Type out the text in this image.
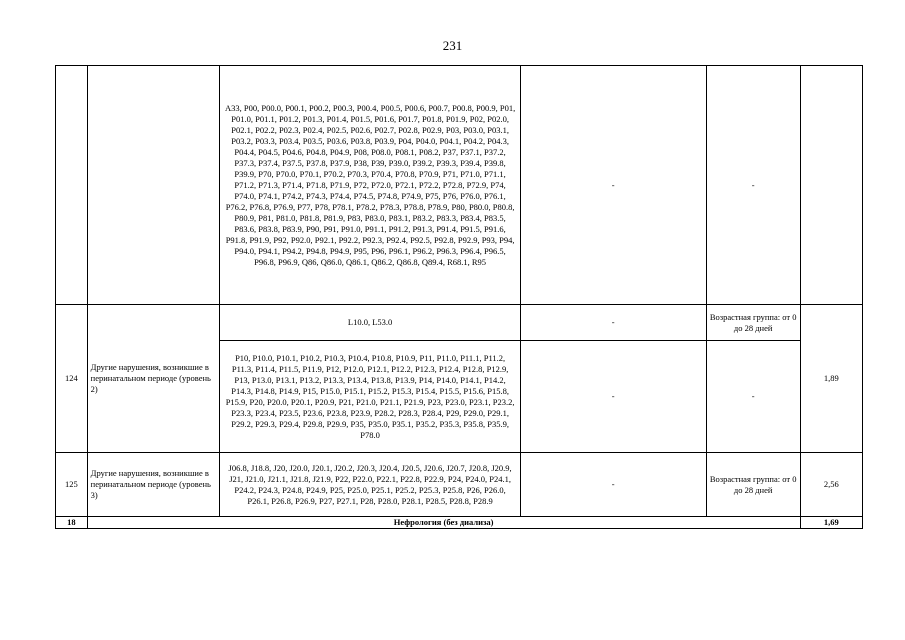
231
		A33, P00, P00.0, P00.1, P00.2, P00.3, P00.4, P00.5, P00.6, P00.7, P00.8, P00.9, P01, P01.0, P01.1, P01.2, P01.3, P01.4, P01.5, P01.6, P01.7, P01.8, P01.9, P02, P02.0, P02.1, P02.2, P02.3, P02.4, P02.5, P02.6, P02.7, P02.8, P02.9, P03, P03.0, P03.1, P03.2, P03.3, P03.4, P03.5, P03.6, P03.8, P03.9, P04, P04.0, P04.1, P04.2, P04.3, P04.4, P04.5, P04.6, P04.8, P04.9, P08, P08.0, P08.1, P08.2, P37, P37.1, P37.2, P37.3, P37.4, P37.5, P37.8, P37.9, P38, P39, P39.0, P39.2, P39.3, P39.4, P39.8, P39.9, P70, P70.0, P70.1, P70.2, P70.3, P70.4, P70.8, P70.9, P71, P71.0, P71.1, P71.2, P71.3, P71.4, P71.8, P71.9, P72, P72.0, P72.1, P72.2, P72.8, P72.9, P74, P74.0, P74.1, P74.2, P74.3, P74.4, P74.5, P74.8, P74.9, P75, P76, P76.0, P76.1, P76.2, P76.8, P76.9, P77, P78, P78.1, P78.2, P78.3, P78.8, P78.9, P80, P80.0, P80.8, P80.9, P81, P81.0, P81.8, P81.9, P83, P83.0, P83.1, P83.2, P83.3, P83.4, P83.5, P83.6, P83.8, P83.9, P90, P91, P91.0, P91.1, P91.2, P91.3, P91.4, P91.5, P91.6, P91.8, P91.9, P92, P92.0, P92.1, P92.2, P92.3, P92.4, P92.5, P92.8, P92.9, P93, P94, P94.0, P94.1, P94.2, P94.8, P94.9, P95, P96, P96.1, P96.2, P96.3, P96.4, P96.5, P96.8, P96.9, Q86, Q86.0, Q86.1, Q86.2, Q86.8, Q89.4, R68.1, R95	-	-	
124	Другие нарушения, возникшие в перинатальном периоде (уровень 2)	L10.0, L53.0	-	Возрастная группа: от 0 до 28 дней	1,89
		P10, P10.0, P10.1, P10.2, P10.3, P10.4, P10.8, P10.9, P11, P11.0, P11.1, P11.2, P11.3, P11.4, P11.5, P11.9, P12, P12.0, P12.1, P12.2, P12.3, P12.4, P12.8, P12.9, P13, P13.0, P13.1, P13.2, P13.3, P13.4, P13.8, P13.9, P14, P14.0, P14.1, P14.2, P14.3, P14.8, P14.9, P15, P15.0, P15.1, P15.2, P15.3, P15.4, P15.5, P15.6, P15.8, P15.9, P20, P20.0, P20.1, P20.9, P21, P21.0, P21.1, P21.9, P23, P23.0, P23.1, P23.2, P23.3, P23.4, P23.5, P23.6, P23.8, P23.9, P28.2, P28.3, P28.4, P29, P29.0, P29.1, P29.2, P29.3, P29.4, P29.8, P29.9, P35, P35.0, P35.1, P35.2, P35.3, P35.8, P35.9, P78.0	-	-	
125	Другие нарушения, возникшие в перинатальном периоде (уровень 3)	J06.8, J18.8, J20, J20.0, J20.1, J20.2, J20.3, J20.4, J20.5, J20.6, J20.7, J20.8, J20.9, J21, J21.0, J21.1, J21.8, J21.9, P22, P22.0, P22.1, P22.8, P22.9, P24, P24.0, P24.1, P24.2, P24.3, P24.8, P24.9, P25, P25.0, P25.1, P25.2, P25.3, P25.8, P26, P26.0, P26.1, P26.8, P26.9, P27, P27.1, P28, P28.0, P28.1, P28.5, P28.8, P28.9	-	Возрастная группа: от 0 до 28 дней	2,56
18	Нефрология (без диализа)				1,69
